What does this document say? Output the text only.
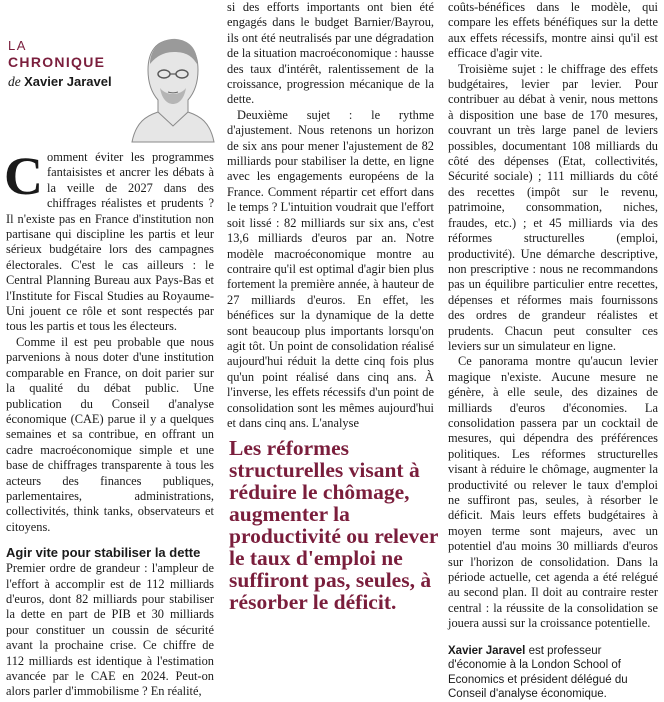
Comment éviter les programmes fantaisistes et ancrer les débats à la veille de 2027 dans des chiffrages réalistes et prudents ? Il n'existe pas en France d'institution non partisane qui discipline les partis et leur sérieux budgétaire lors des campagnes électorales. C'est le cas ailleurs : le Central Planning Bureau aux Pays-Bas et l'Institute for Fiscal Studies au Royaume-Uni jouent ce rôle et sont respectés par tous les partis et tous les électeurs.

Comme il est peu probable que nous parvenions à nous doter d'une institution comparable en France, on doit parier sur la qualité du débat public. Une publication du Conseil d'analyse économique (CAE) parue il y a quelques semaines et sa contribue, en offrant un cadre macroéconomique simple et une base de chiffrages transparente à tous les acteurs des finances publiques, parlementaires, administrations, collectivités, think tanks, observateurs et citoyens.

Agir vite pour stabiliser la dette

Premier ordre de grandeur : l'ampleur de l'effort à accomplir est de 112 milliards d'euros, dont 82 milliards pour stabiliser la dette en part de PIB et 30 milliards pour constituer un coussin de sécurité avant la prochaine crise. Ce chiffre de 112 milliards est identique à l'estimation avancée par le CAE en 2024. Peut-on alors parler d'immobilisme ? En réalité,

LA
CHRONIQUE
de Xavier Jaravel

si des efforts importants ont bien été engagés dans le budget Barnier/Bayrou, ils ont été neutralisés par une dégradation de la situation macroéconomique : hausse des taux d'intérêt, ralentissement de la croissance, progression mécanique de la dette.

Deuxième sujet : le rythme d'ajustement. Nous retenons un horizon de six ans pour mener l'ajustement de 82 milliards pour stabiliser la dette, en ligne avec les engagements européens de la France. Comment répartir cet effort dans le temps ? L'intuition voudrait que l'effort soit lissé : 82 milliards sur six ans, c'est 13,6 milliards d'euros par an. Notre modèle macroéconomique montre au contraire qu'il est optimal d'agir bien plus fortement la première année, à hauteur de 27 milliards d'euros. En effet, les bénéfices sur la dynamique de la dette sont beaucoup plus importants lorsqu'on agit tôt. Un point de consolidation réalisé aujourd'hui réduit la dette cinq fois plus qu'un point réalisé dans cinq ans. À l'inverse, les effets récessifs d'un point de consolidation sont les mêmes aujourd'hui et dans cinq ans. L'analyse

Les réformes structurelles visant à réduire le chômage, augmenter la productivité ou relever le taux d'emploi ne suffiront pas, seules, à résorber le déficit.

coûts-bénéfices dans le modèle, qui compare les effets bénéfiques sur la dette aux effets récessifs, montre ainsi qu'il est efficace d'agir vite.

Troisième sujet : le chiffrage des effets budgétaires, levier par levier. Pour contribuer au débat à venir, nous mettons à disposition une base de 170 mesures, couvrant un très large panel de leviers possibles, documentant 108 milliards du côté des dépenses (Etat, collectivités, Sécurité sociale) ; 111 milliards du côté des recettes (impôt sur le revenu, patrimoine, consommation, niches, fraudes, etc.) ; et 45 milliards via des réformes structurelles (emploi, productivité). Une démarche descriptive, non prescriptive : nous ne recommandons pas un équilibre particulier entre recettes, dépenses et réformes mais fournissons des ordres de grandeur réalistes et prudents. Chacun peut consulter ces leviers sur un simulateur en ligne.

Ce panorama montre qu'aucun levier magique n'existe. Aucune mesure ne génère, à elle seule, des dizaines de milliards d'euros d'économies. La consolidation passera par un cocktail de mesures, qui dépendra des préférences politiques. Les réformes structurelles visant à réduire le chômage, augmenter la productivité ou relever le taux d'emploi ne suffiront pas, seules, à résorber le déficit. Mais leurs effets budgétaires à moyen terme sont majeurs, avec un potentiel d'au moins 30 milliards d'euros sur l'horizon de consolidation. Dans la période actuelle, cet agenda a été relégué au second plan. Il doit au contraire rester central : la réussite de la consolidation se jouera aussi sur la croissance potentielle.

Xavier Jaravel est professeur d'économie à la London School of Economics et président délégué du Conseil d'analyse économique.
